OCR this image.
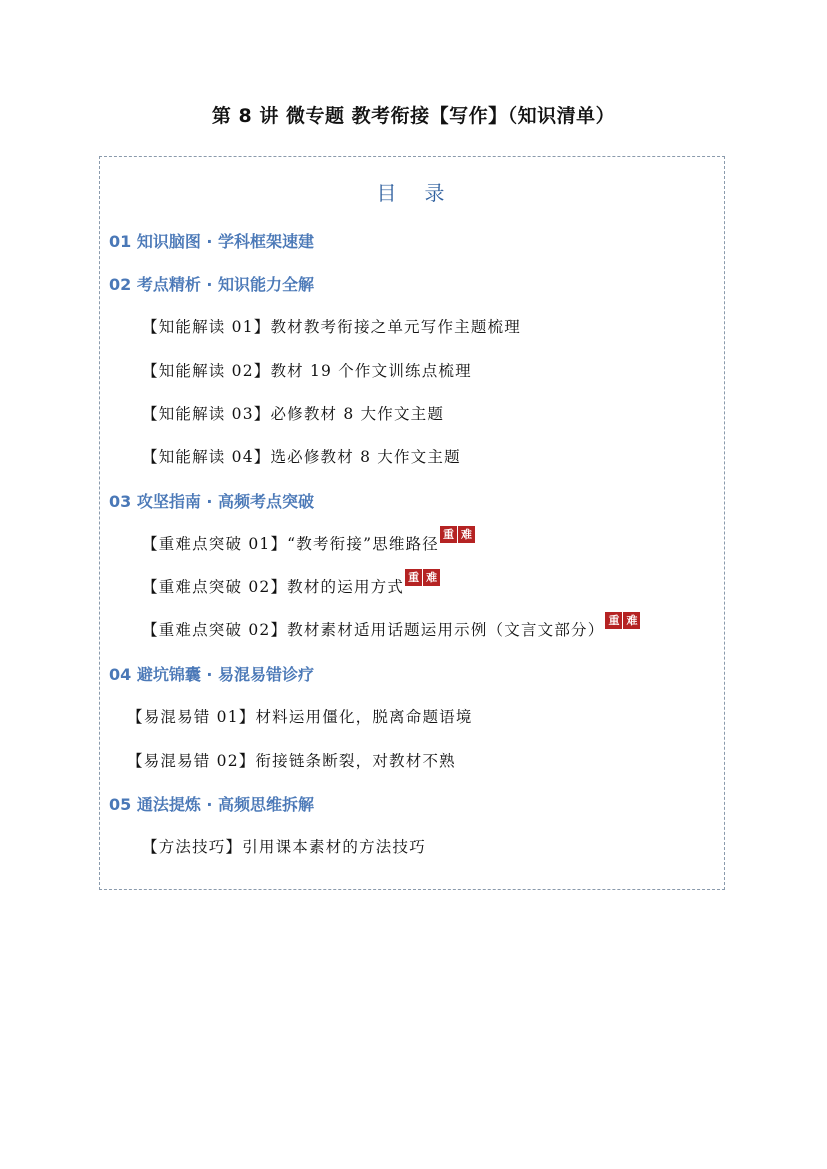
第 8 讲 微专题 教考衔接【写作】（知识清单）
目 录
01 知识脑图 · 学科框架速建
02 考点精析 · 知识能力全解
【知能解读 01】教材教考衔接之单元写作主题梳理
【知能解读 02】教材 19 个作文训练点梳理
【知能解读 03】必修教材 8 大作文主题
【知能解读 04】选必修教材 8 大作文主题
03 攻坚指南 · 高频考点突破
【重难点突破 01】“教考衔接”思维路径
重 难
【重难点突破 02】教材的运用方式
重 难
【重难点突破 02】教材素材适用话题运用示例（文言文部分）
重 难
04 避坑锦囊 · 易混易错诊疗
【易混易错 01】材料运用僵化，脱离命题语境
【易混易错 02】衔接链条断裂，对教材不熟
05 通法提炼 · 高频思维拆解
【方法技巧】引用课本素材的方法技巧
